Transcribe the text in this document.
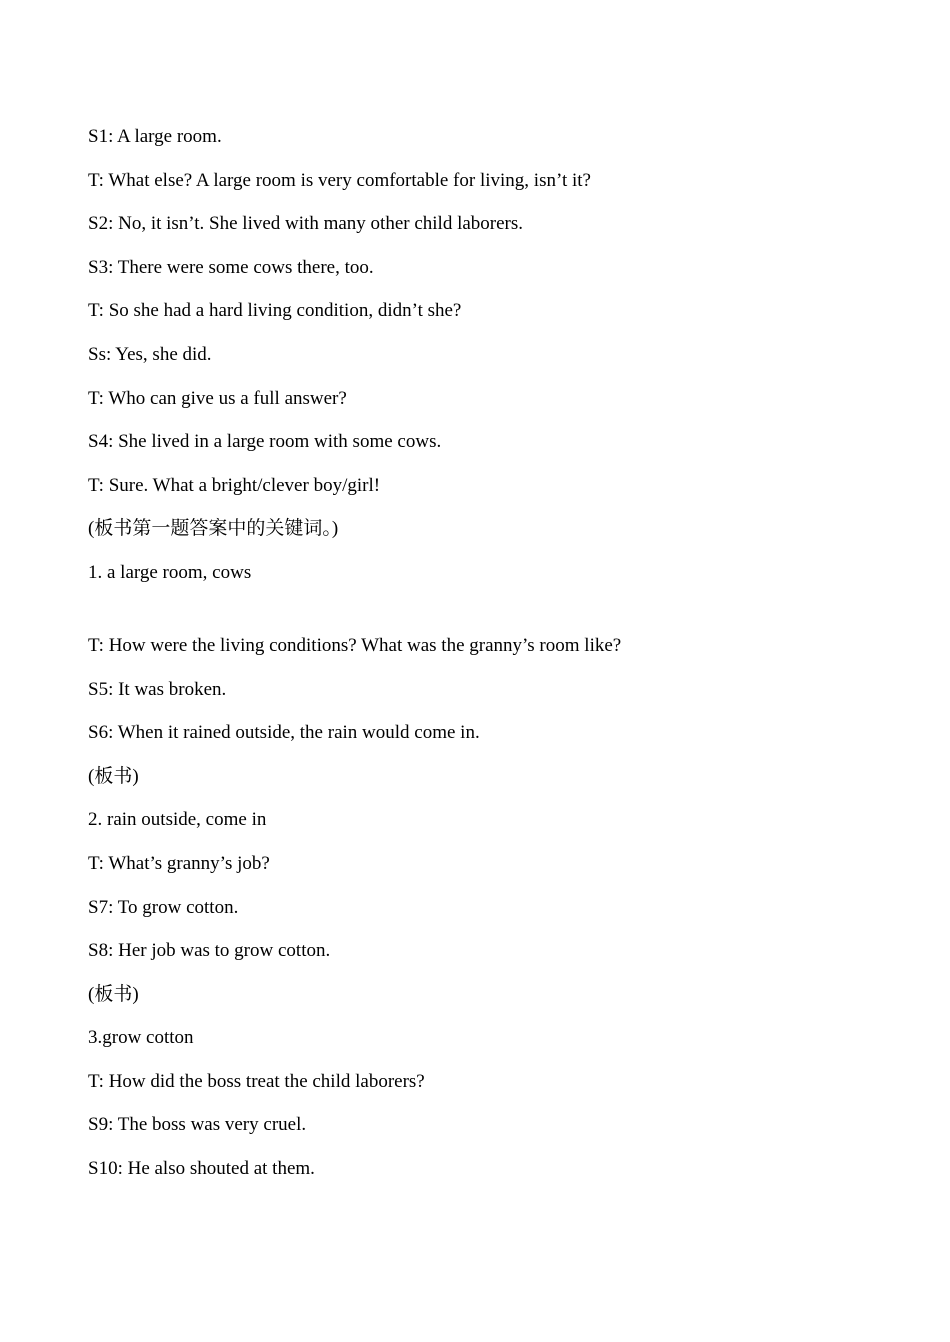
S1: A large room.

T: What else? A large room is very comfortable for living, isn’t it?

S2: No, it isn’t. She lived with many other child laborers.

S3: There were some cows there, too.

T: So she had a hard living condition, didn’t she?

Ss: Yes, she did.

T: Who can give us a full answer?

S4: She lived in a large room with some cows.

T: Sure. What a bright/clever boy/girl!

(板书第一题答案中的关键词。)

1. a large room, cows

T: How were the living conditions? What was the granny’s room like?

S5: It was broken.

S6: When it rained outside, the rain would come in.

(板书)

2. rain outside, come in

T: What’s granny’s job?

S7: To grow cotton.

S8: Her job was to grow cotton.

(板书)

3.grow cotton

T: How did the boss treat the child laborers?

S9: The boss was very cruel.

S10: He also shouted at them.
